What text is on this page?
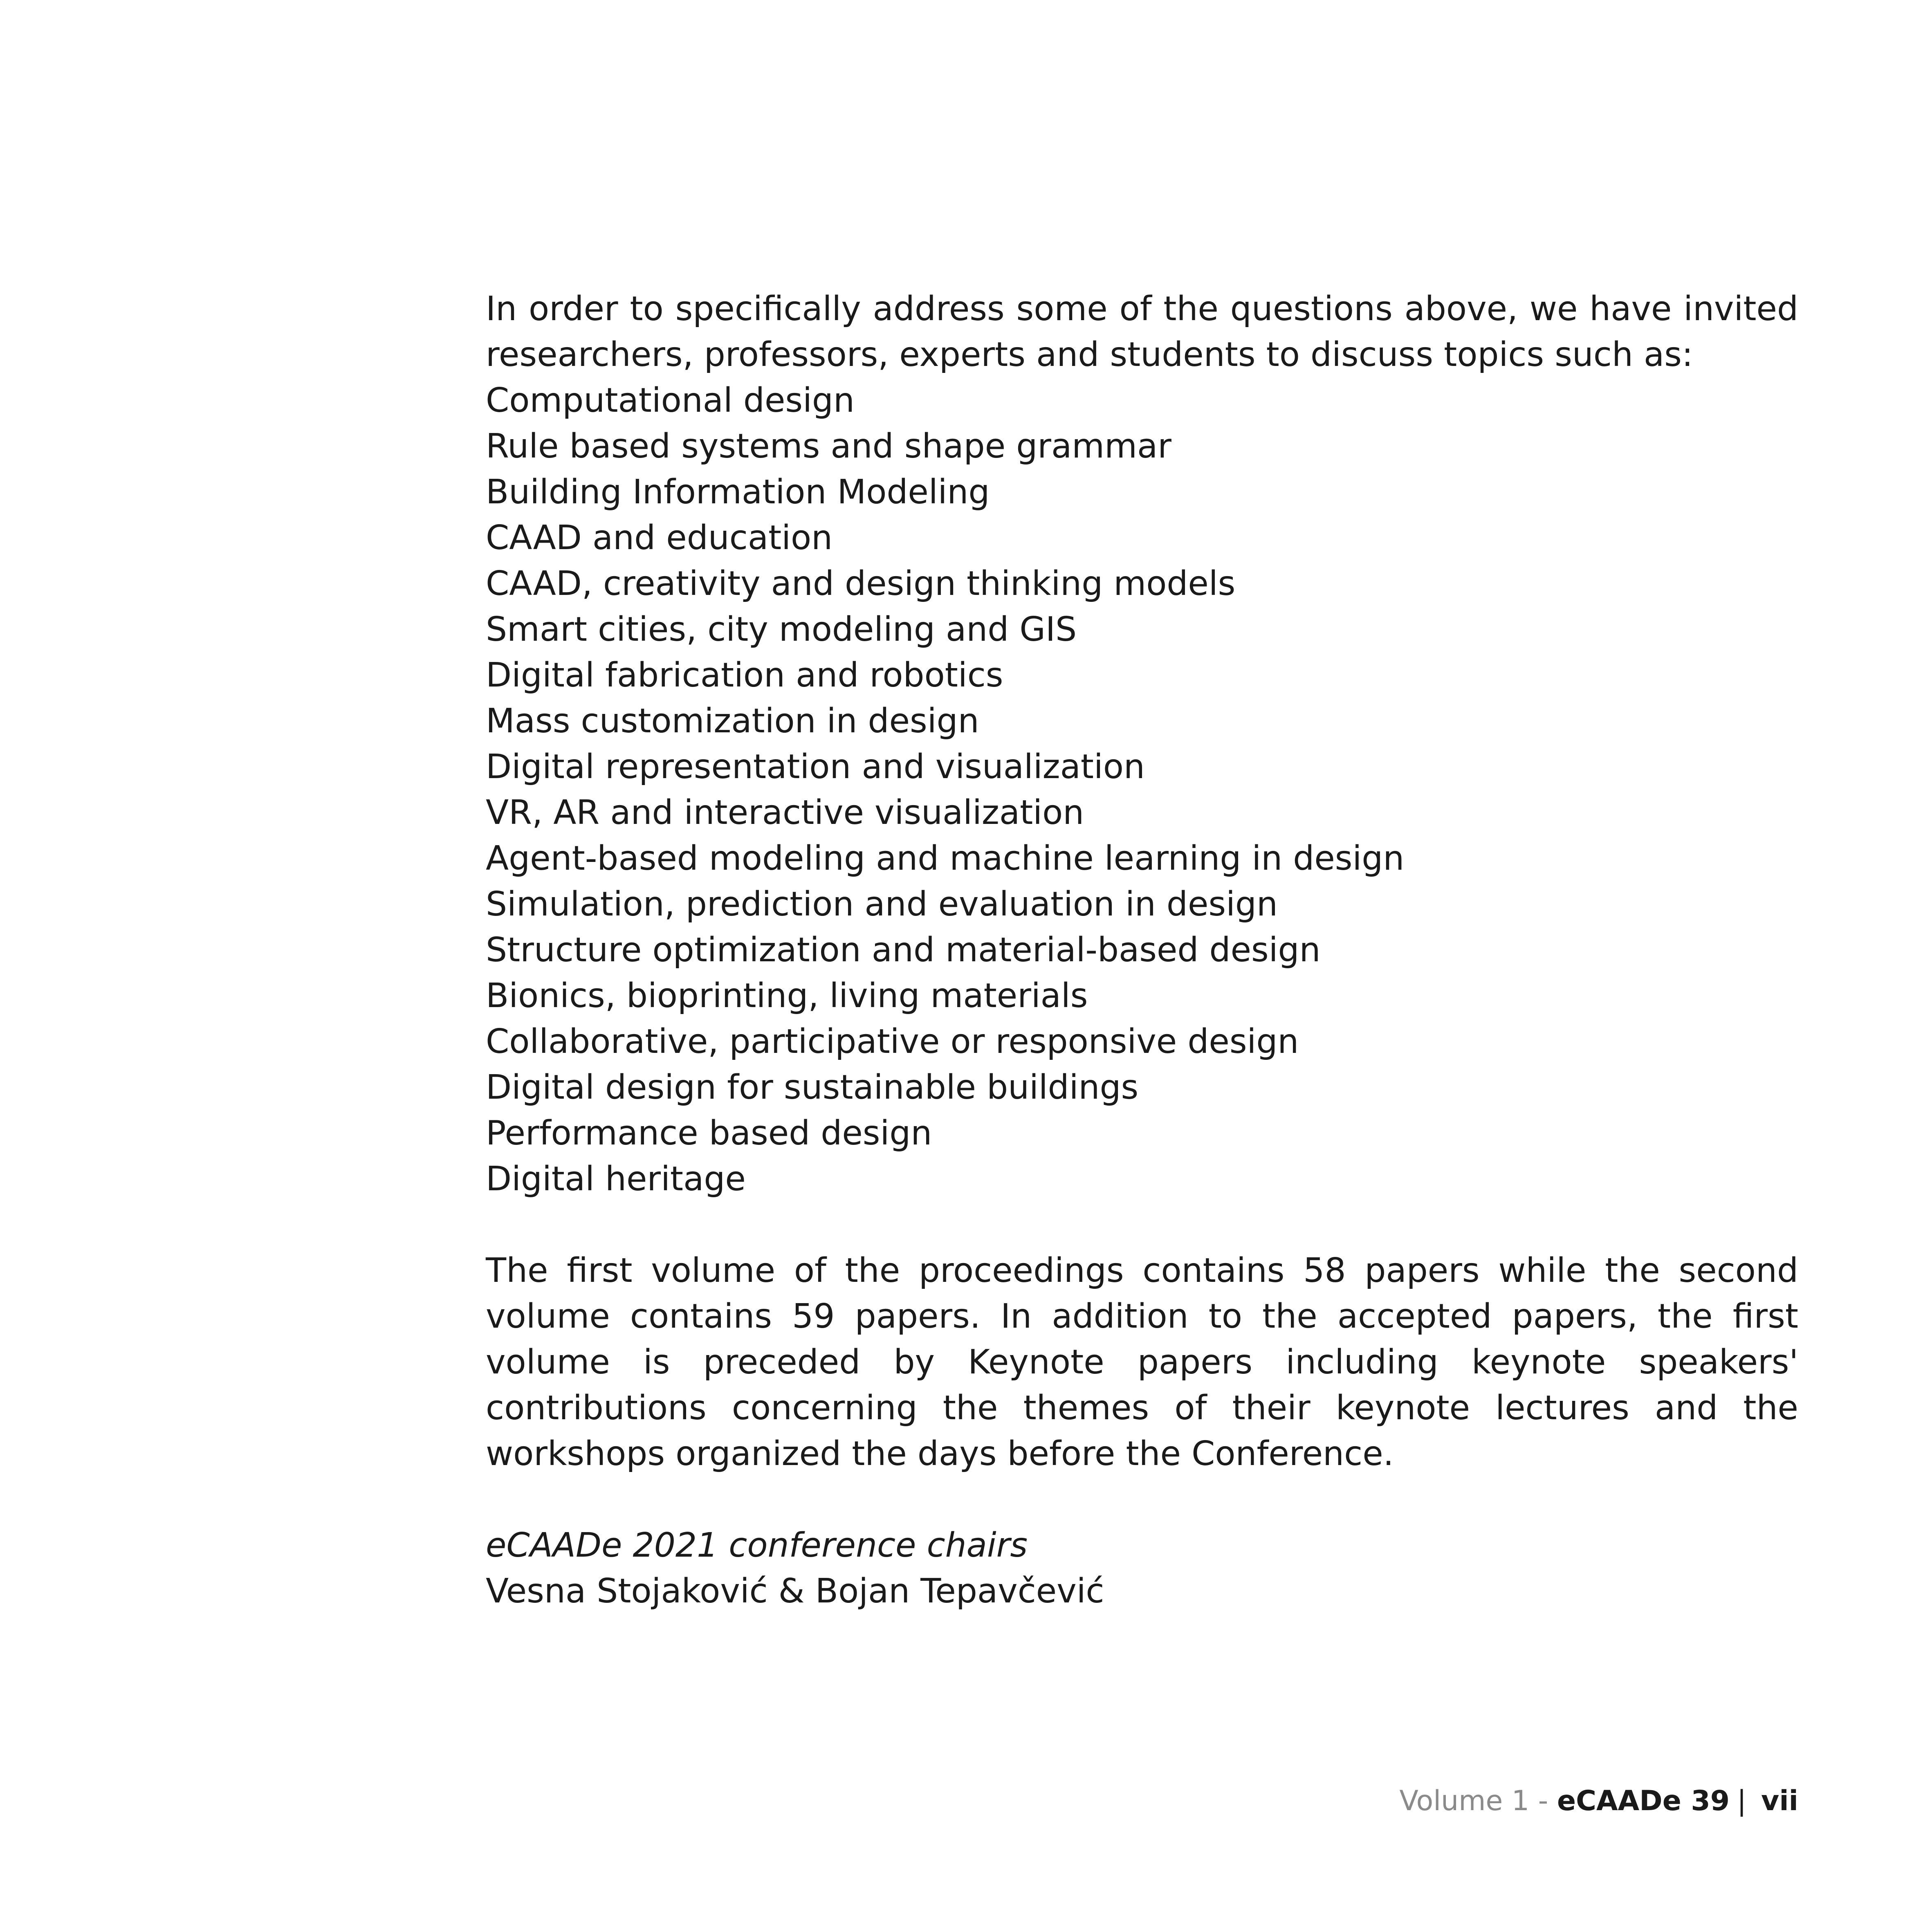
In order to specifically address some of the questions above, we have invited researchers, professors, experts and students to discuss topics such as:

Computational design
Rule based systems and shape grammar
Building Information Modeling
CAAD and education
CAAD, creativity and design thinking models
Smart cities, city modeling and GIS
Digital fabrication and robotics
Mass customization in design
Digital representation and visualization
VR, AR and interactive visualization
Agent-based modeling and machine learning in design
Simulation, prediction and evaluation in design
Structure optimization and material-based design
Bionics, bioprinting, living materials
Collaborative, participative or responsive design
Digital design for sustainable buildings
Performance based design
Digital heritage

The first volume of the proceedings contains 58 papers while the second volume contains 59 papers. In addition to the accepted papers, the first volume is preceded by Keynote papers including keynote speakers' contributions concerning the themes of their keynote lectures and the workshops organized the days before the Conference.

eCAADe 2021 conference chairs
Vesna Stojaković & Bojan Tepavčević
Volume 1 - eCAADe 39 | vii
